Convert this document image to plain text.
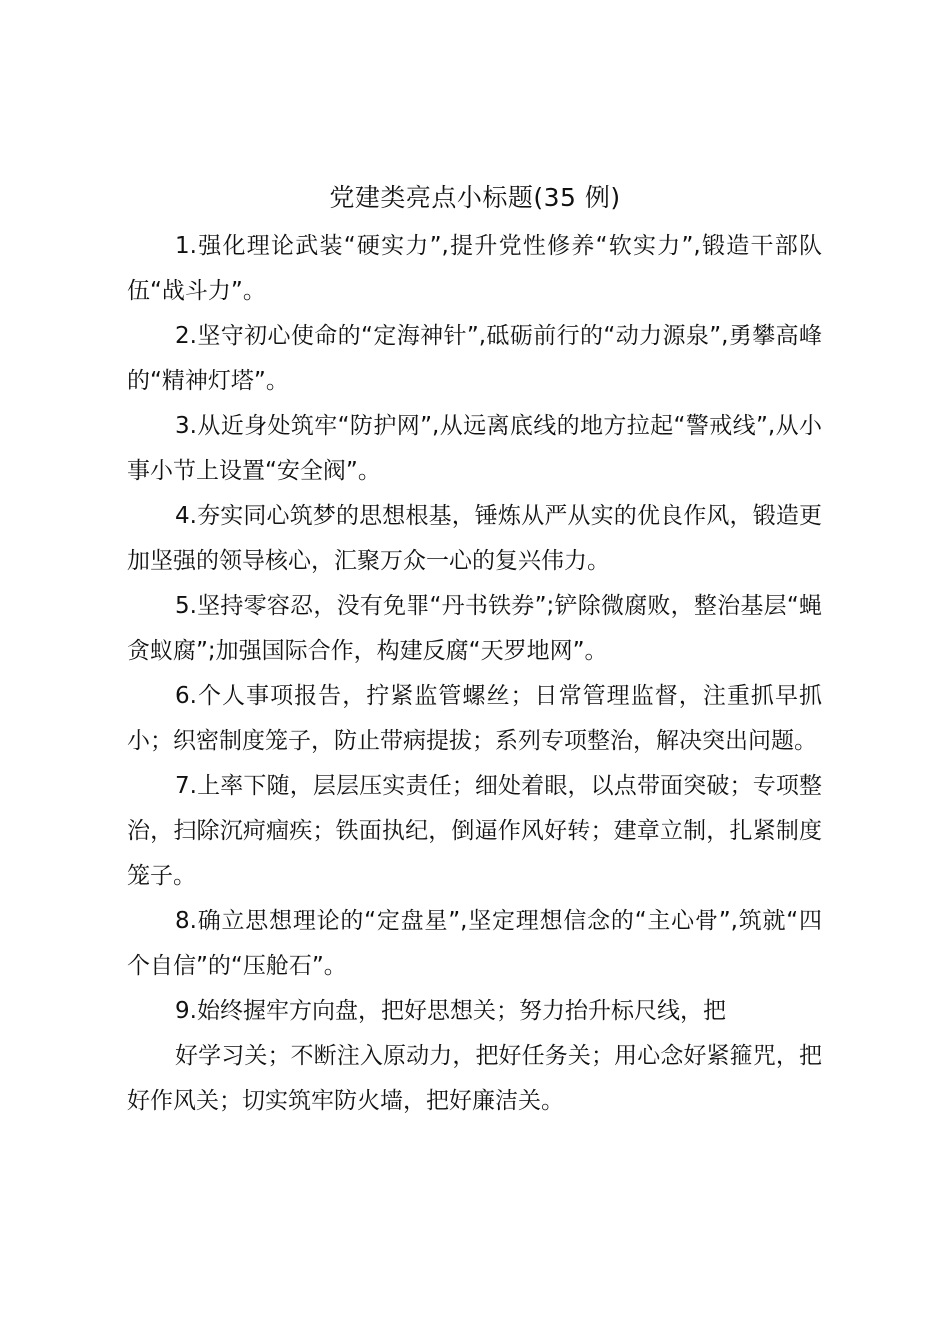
党建类亮点小标题(35 例)

1.强化理论武装“硬实力”,提升党性修养“软实力”,锻造干部队伍“战斗力”。

2.坚守初心使命的“定海神针”,砥砺前行的“动力源泉”,勇攀高峰的“精神灯塔”。

3.从近身处筑牢“防护网”,从远离底线的地方拉起“警戒线”,从小事小节上设置“安全阀”。

4.夯实同心筑梦的思想根基，锤炼从严从实的优良作风，锻造更加坚强的领导核心，汇聚万众一心的复兴伟力。

5.坚持零容忍，没有免罪“丹书铁券”;铲除微腐败，整治基层“蝇贪蚁腐”;加强国际合作，构建反腐“天罗地网”。

6.个人事项报告，拧紧监管螺丝；日常管理监督，注重抓早抓小；织密制度笼子，防止带病提拔；系列专项整治，解决突出问题。

7.上率下随，层层压实责任；细处着眼，以点带面突破；专项整治，扫除沉疴痼疾；铁面执纪，倒逼作风好转；建章立制，扎紧制度笼子。

8.确立思想理论的“定盘星”,坚定理想信念的“主心骨”,筑就“四个自信”的“压舱石”。

9.始终握牢方向盘，把好思想关；努力抬升标尺线，把

好学习关；不断注入原动力，把好任务关；用心念好紧箍咒，把好作风关；切实筑牢防火墙，把好廉洁关。
